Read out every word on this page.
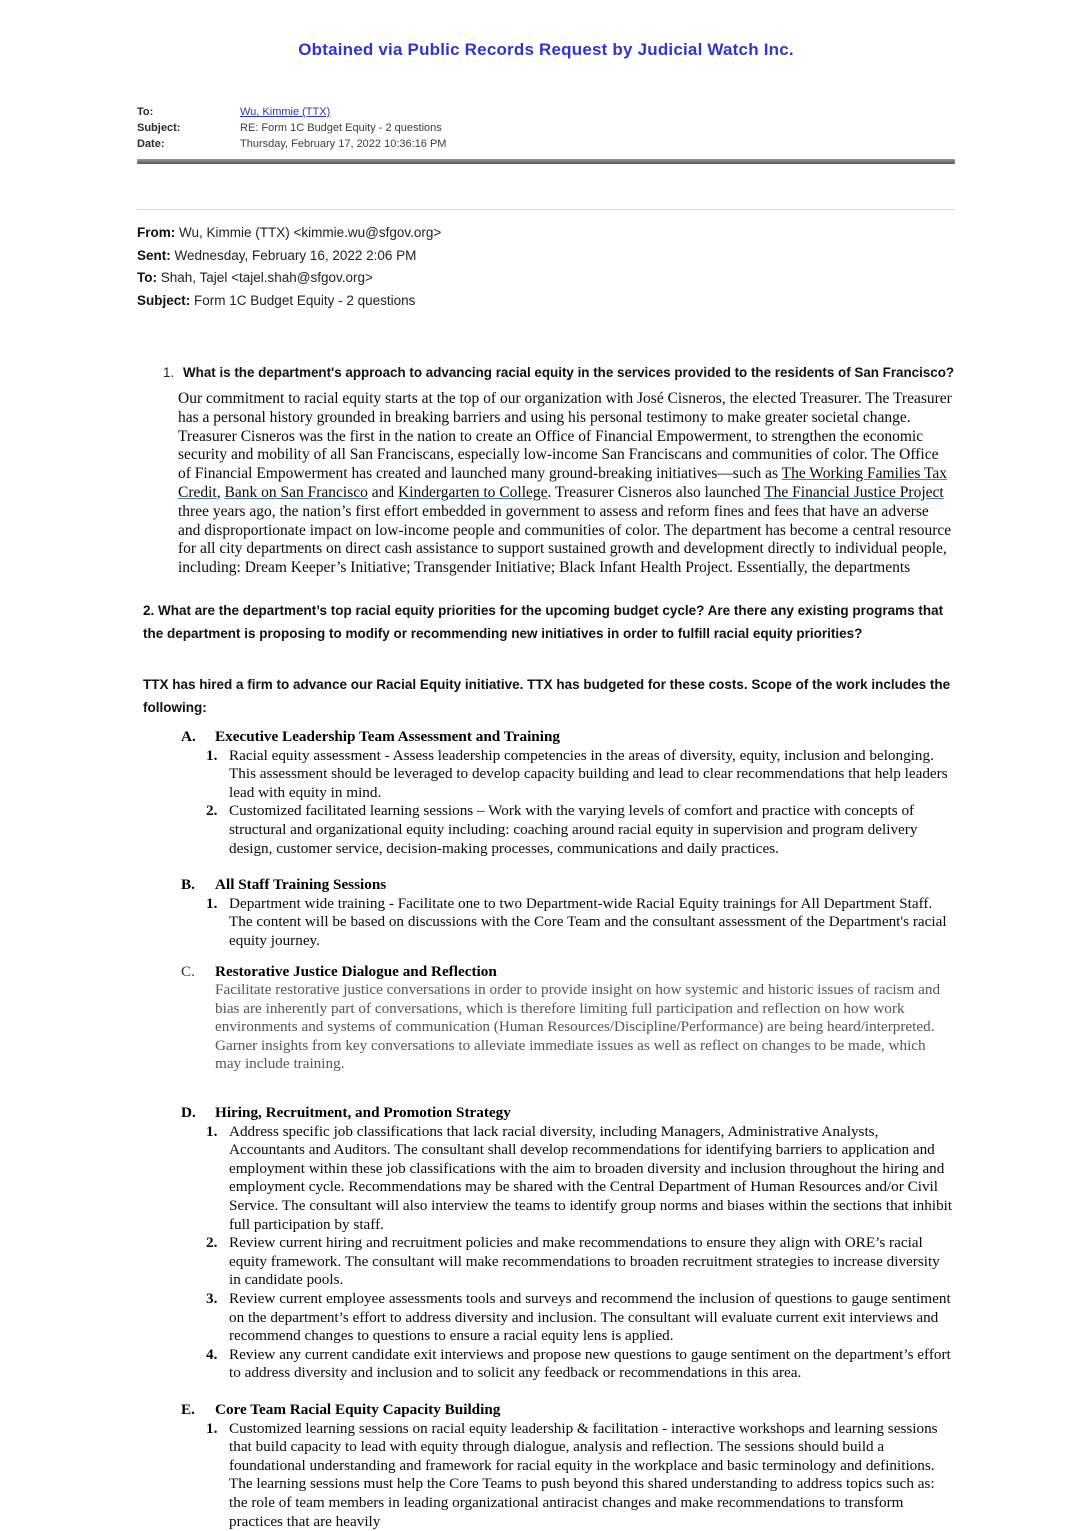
Obtained via Public Records Request by Judicial Watch Inc.
To:	Wu, Kimmie (TTX)
Subject:	RE: Form 1C Budget Equity - 2 questions
Date:	Thursday, February 17, 2022 10:36:16 PM
From: Wu, Kimmie (TTX) <kimmie.wu@sfgov.org>
Sent: Wednesday, February 16, 2022 2:06 PM
To: Shah, Tajel <tajel.shah@sfgov.org>
Subject: Form 1C Budget Equity - 2 questions
1. What is the department's approach to advancing racial equity in the services provided to the residents of San Francisco?
Our commitment to racial equity starts at the top of our organization with José Cisneros, the elected Treasurer. The Treasurer has a personal history grounded in breaking barriers and using his personal testimony to make greater societal change. Treasurer Cisneros was the first in the nation to create an Office of Financial Empowerment, to strengthen the economic security and mobility of all San Franciscans, especially low-income San Franciscans and communities of color. The Office of Financial Empowerment has created and launched many ground-breaking initiatives—such as The Working Families Tax Credit, Bank on San Francisco and Kindergarten to College. Treasurer Cisneros also launched The Financial Justice Project three years ago, the nation’s first effort embedded in government to assess and reform fines and fees that have an adverse and disproportionate impact on low-income people and communities of color. The department has become a central resource for all city departments on direct cash assistance to support sustained growth and development directly to individual people, including: Dream Keeper’s Initiative; Transgender Initiative; Black Infant Health Project. Essentially, the departments
2. What are the department’s top racial equity priorities for the upcoming budget cycle? Are there any existing programs that the department is proposing to modify or recommending new initiatives in order to fulfill racial equity priorities?
TTX has hired a firm to advance our Racial Equity initiative. TTX has budgeted for these costs. Scope of the work includes the following:
A.	Executive Leadership Team Assessment and Training
1. Racial equity assessment - Assess leadership competencies in the areas of diversity, equity, inclusion and belonging. This assessment should be leveraged to develop capacity building and lead to clear recommendations that help leaders lead with equity in mind.
2. Customized facilitated learning sessions – Work with the varying levels of comfort and practice with concepts of structural and organizational equity including: coaching around racial equity in supervision and program delivery design, customer service, decision-making processes, communications and daily practices.
B.	All Staff Training Sessions
1. Department wide training - Facilitate one to two Department-wide Racial Equity trainings for All Department Staff. The content will be based on discussions with the Core Team and the consultant assessment of the Department's racial equity journey.
C.	Restorative Justice Dialogue and Reflection
Facilitate restorative justice conversations in order to provide insight on how systemic and historic issues of racism and bias are inherently part of conversations, which is therefore limiting full participation and reflection on how work environments and systems of communication (Human Resources/Discipline/Performance) are being heard/interpreted. Garner insights from key conversations to alleviate immediate issues as well as reflect on changes to be made, which may include training.
D.	Hiring, Recruitment, and Promotion Strategy
1. Address specific job classifications that lack racial diversity, including Managers, Administrative Analysts, Accountants and Auditors. The consultant shall develop recommendations for identifying barriers to application and employment within these job classifications with the aim to broaden diversity and inclusion throughout the hiring and employment cycle. Recommendations may be shared with the Central Department of Human Resources and/or Civil Service. The consultant will also interview the teams to identify group norms and biases within the sections that inhibit full participation by staff.
2. Review current hiring and recruitment policies and make recommendations to ensure they align with ORE’s racial equity framework. The consultant will make recommendations to broaden recruitment strategies to increase diversity in candidate pools.
3. Review current employee assessments tools and surveys and recommend the inclusion of questions to gauge sentiment on the department’s effort to address diversity and inclusion. The consultant will evaluate current exit interviews and recommend changes to questions to ensure a racial equity lens is applied.
4. Review any current candidate exit interviews and propose new questions to gauge sentiment on the department’s effort to address diversity and inclusion and to solicit any feedback or recommendations in this area.
E.	Core Team Racial Equity Capacity Building
1. Customized learning sessions on racial equity leadership & facilitation - interactive workshops and learning sessions that build capacity to lead with equity through dialogue, analysis and reflection. The sessions should build a foundational understanding and framework for racial equity in the workplace and basic terminology and definitions. The learning sessions must help the Core Teams to push beyond this shared understanding to address topics such as: the role of team members in leading organizational antiracist changes and make recommendations to transform practices that are heavily
